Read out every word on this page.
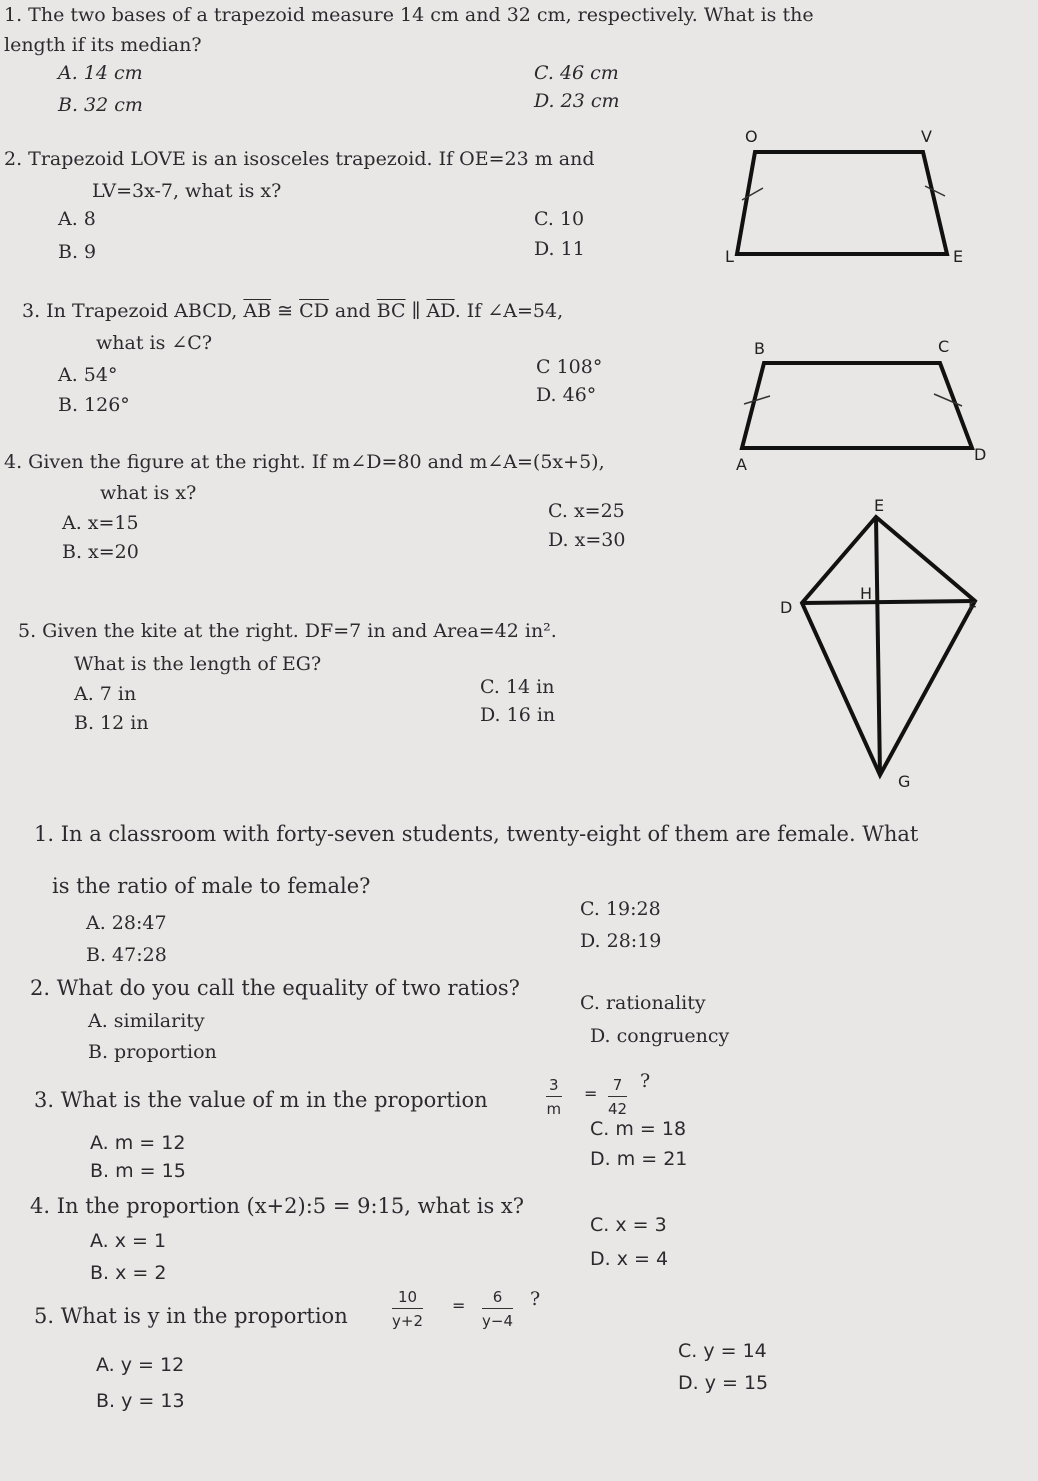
1. The two bases of a trapezoid measure 14 cm and 32 cm, respectively. What is the
length if its median?
A. 14 cm
B. 32 cm
C. 46 cm
D. 23 cm
2. Trapezoid LOVE is an isosceles trapezoid. If OE=23 m and
LV=3x-7, what is x?
A. 8
B. 9
C. 10
D. 11
3. In Trapezoid ABCD, $\overline{AB}$ ≅ $\overline{CD}$ and $\overline{BC}$ ∥ $\overline{AD}$. If ∠A=54,
what is ∠C?
A. 54°
B. 126°
C 108°
D. 46°
4. Given the figure at the right. If m∠D=80 and m∠A=(5x+5),
what is x?
A. x=15
B. x=20
C. x=25
D. x=30
5. Given the kite at the right. DF=7 in and Area=42 in².
What is the length of EG?
A. 7 in
B. 12 in
C. 14 in
D. 16 in
O	V
L	E
B	C
A
D
E
D
H
F
G
1. In a classroom with forty-seven students, twenty-eight of them are female. What
is the ratio of male to female?
A. 28:47
B. 47:28
C. 19:28
D. 28:19
2. What do you call the equality of two ratios?
A. similarity
B. proportion
C. rationality
D. congruency
3. What is the value of m in the proportion	$\frac{3}{m} = \frac{7}{42}$ ?
A. m = 12
B. m = 15
C. m = 18
D. m = 21
4. In the proportion (x+2):5 = 9:15, what is x?
A. x = 1
B. x = 2
C. x = 3
D. x = 4
5. What is y in the proportion	$\frac{10}{y+2} = \frac{6}{y-4}$ ?
A. y = 12
B. y = 13
C. y = 14
D. y = 15
